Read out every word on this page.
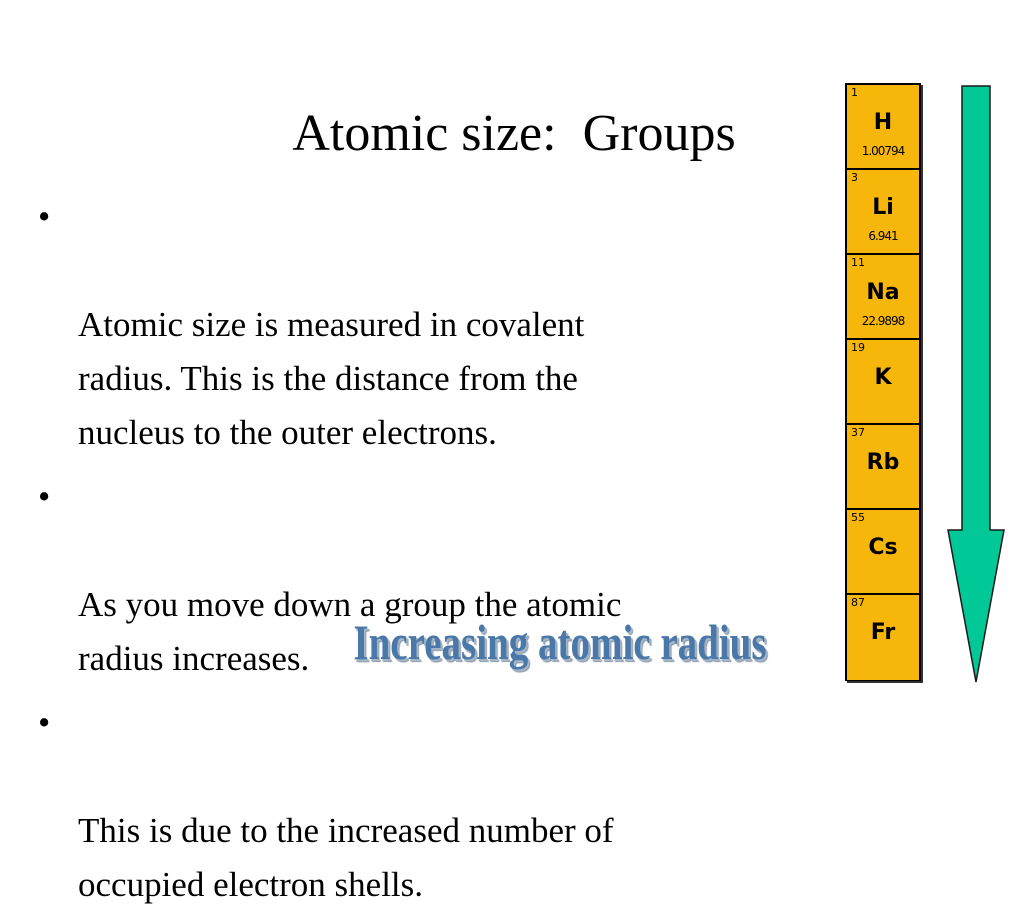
Atomic size:  Groups

•

Atomic size is measured in covalent
radius. This is the distance from the
nucleus to the outer electrons.

•

As you move down a group the atomic
radius increases.

•

This is due to the increased number of
occupied electron shells.

Increasing atomic radius
1
H
1.00794
3
Li
6.941
11
Na
22.9898
19
K
37
Rb
55
Cs
87
Fr
